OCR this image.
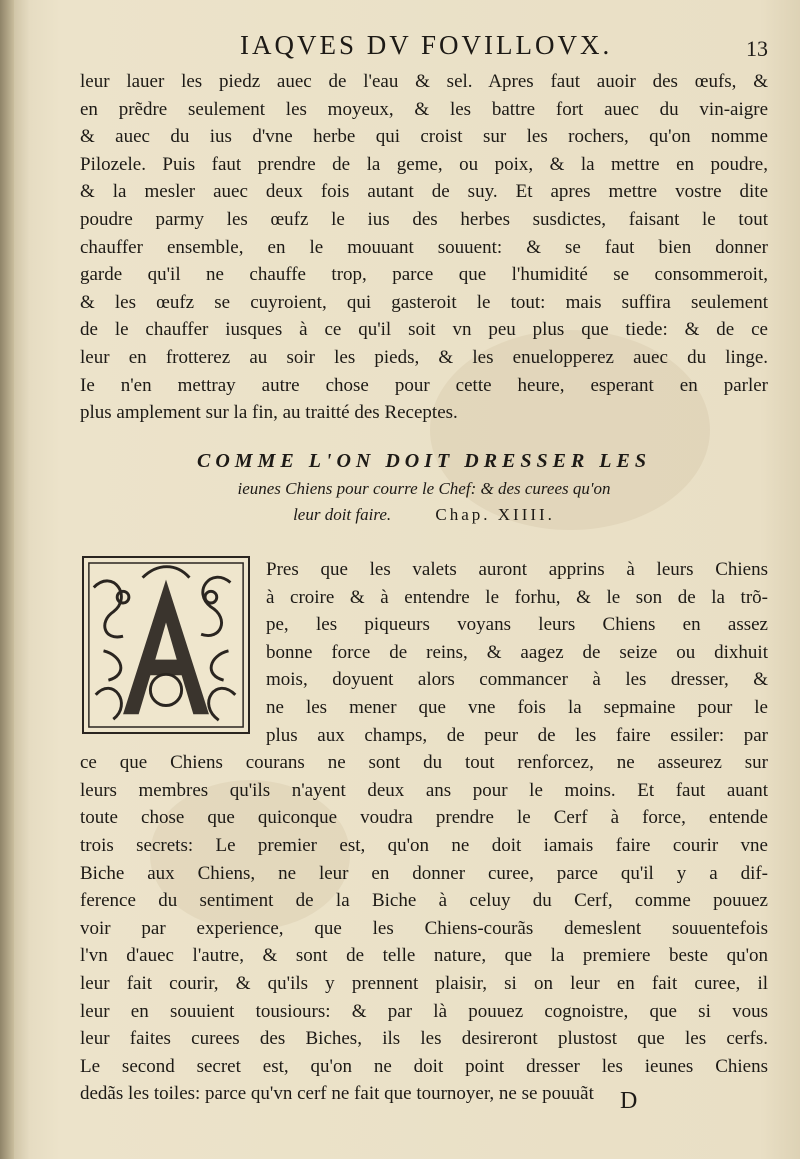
IAQVES DV FOVILLOVX.	13
leur lauer les piedz auec de l'eau & sel. Apres faut auoir des œufs, &
en prẽdre seulement les moyeux, & les battre fort auec du vin-aigre
& auec du ius d'vne herbe qui croist sur les rochers, qu'on nomme
Pilozele. Puis faut prendre de la geme, ou poix, & la mettre en poudre,
& la mesler auec deux fois autant de suy. Et apres mettre vostre dite
poudre parmy les œufz le ius des herbes susdictes, faisant le tout
chauffer ensemble, en le mouuant souuent: & se faut bien donner
garde qu'il ne chauffe trop, parce que l'humidité se consommeroit,
& les œufz se cuyroient, qui gasteroit le tout: mais suffira seulement
de le chauffer iusques à ce qu'il soit vn peu plus que tiede: & de ce
leur en frotterez au soir les pieds, & les enuelopperez auec du linge.
Ie n'en mettray autre chose pour cette heure, esperant en parler
plus amplement sur la fin, au traitté des Receptes.
COMME L'ON DOIT DRESSER LES
ieunes Chiens pour courre le Chef: & des curees qu'on
leur doit faire.	Chap. XIIII.
Pres que les valets auront apprins à leurs Chiens
à croire & à entendre le forhu, & le son de la trõ-
pe, les piqueurs voyans leurs Chiens en assez
bonne force de reins, & aagez de seize ou dixhuit
mois, doyuent alors commancer à les dresser, &
ne les mener que vne fois la sepmaine pour le
plus aux champs, de peur de les faire essiler: par
ce que Chiens courans ne sont du tout renforcez, ne asseurez sur
leurs membres qu'ils n'ayent deux ans pour le moins. Et faut auant
toute chose que quiconque voudra prendre le Cerf à force, entende
trois secrets: Le premier est, qu'on ne doit iamais faire courir vne
Biche aux Chiens, ne leur en donner curee, parce qu'il y a dif-
ference du sentiment de la Biche à celuy du Cerf, comme pouuez
voir par experience, que les Chiens-courãs demeslent souuentefois
l'vn d'auec l'autre, & sont de telle nature, que la premiere beste qu'on
leur fait courir, & qu'ils y prennent plaisir, si on leur en fait curee, il
leur en souuient tousiours: & par là pouuez cognoistre, que si vous
leur faites curees des Biches, ils les desireront plustost que les cerfs.
Le second secret est, qu'on ne doit point dresser les ieunes Chiens
dedãs les toiles: parce qu'vn cerf ne fait que tournoyer, ne se pouuãt	D
